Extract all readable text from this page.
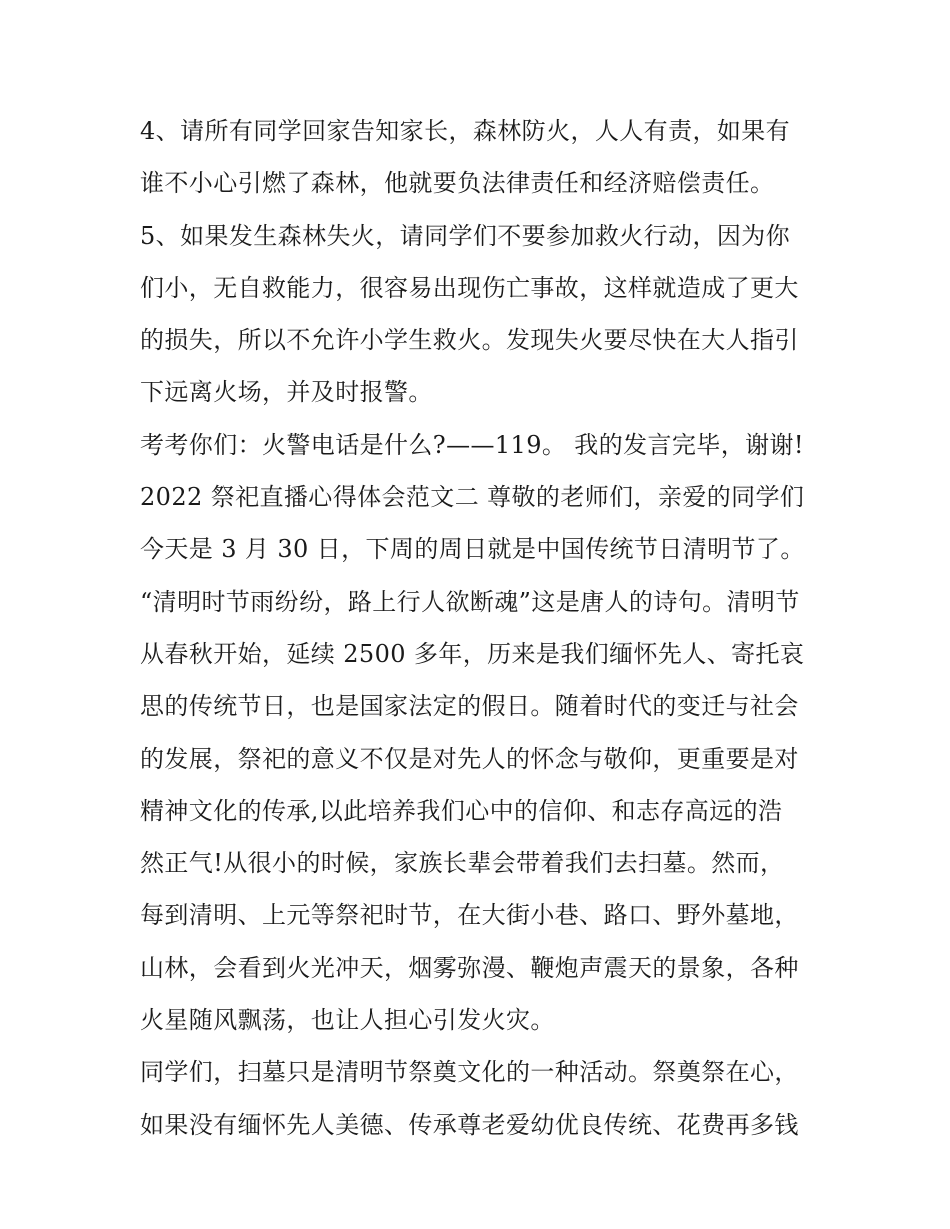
4、请所有同学回家告知家长，森林防火，人人有责，如果有
谁不小心引燃了森林，他就要负法律责任和经济赔偿责任。
5、如果发生森林失火，请同学们不要参加救火行动，因为你
们小，无自救能力，很容易出现伤亡事故，这样就造成了更大
的损失，所以不允许小学生救火。发现失火要尽快在大人指引
下远离火场，并及时报警。
考考你们：火警电话是什么?——119。 我的发言完毕，谢谢!
2022 祭祀直播心得体会范文二 尊敬的老师们，亲爱的同学们
今天是 3 月 30 日，下周的周日就是中国传统节日清明节了。
“清明时节雨纷纷，路上行人欲断魂”这是唐人的诗句。清明节
从春秋开始，延续 2500 多年，历来是我们缅怀先人、寄托哀
思的传统节日，也是国家法定的假日。随着时代的变迁与社会
的发展，祭祀的意义不仅是对先人的怀念与敬仰，更重要是对
精神文化的传承,以此培养我们心中的信仰、和志存高远的浩
然正气!从很小的时候，家族长辈会带着我们去扫墓。然而，
每到清明、上元等祭祀时节，在大街小巷、路口、野外墓地，
山林，会看到火光冲天，烟雾弥漫、鞭炮声震天的景象，各种
火星随风飘荡，也让人担心引发火灾。
同学们，扫墓只是清明节祭奠文化的一种活动。祭奠祭在心，
如果没有缅怀先人美德、传承尊老爱幼优良传统、花费再多钱
